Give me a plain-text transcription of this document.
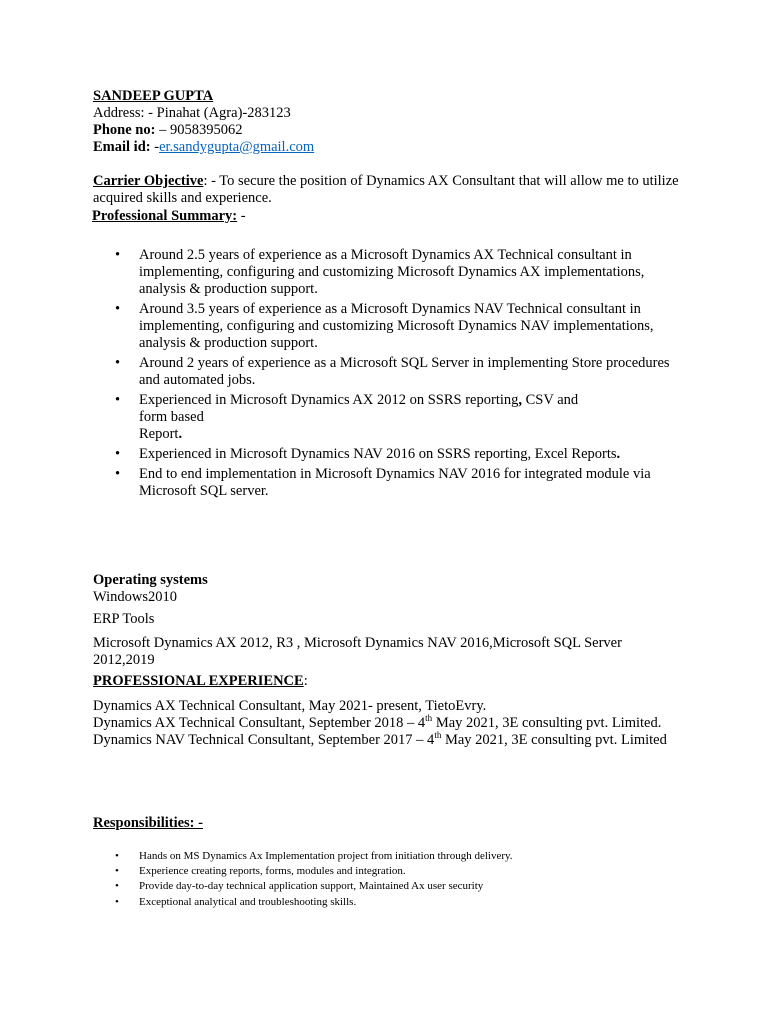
SANDEEP GUPTA

Address: - Pinahat (Agra)-283123

Phone no: – 9058395062

Email id: -er.sandygupta@gmail.com

Carrier Objective: - To secure the position of Dynamics AX Consultant that will allow me to utilize acquired skills and experience.

Professional Summary: -

• Around 2.5 years of experience as a Microsoft Dynamics AX Technical consultant in implementing, configuring and customizing Microsoft Dynamics AX implementations, analysis & production support.
• Around 3.5 years of experience as a Microsoft Dynamics NAV Technical consultant in implementing, configuring and customizing Microsoft Dynamics NAV implementations, analysis & production support.
• Around 2 years of experience as a Microsoft SQL Server in implementing Store procedures and automated jobs.
• Experienced in Microsoft Dynamics AX 2012 on SSRS reporting, CSV and form based
Report.
• Experienced in Microsoft Dynamics NAV 2016 on SSRS reporting, Excel Reports.
• End to end implementation in Microsoft Dynamics NAV 2016 for integrated module via Microsoft SQL server.

Operating systems

Windows2010

ERP Tools

Microsoft Dynamics AX 2012, R3 , Microsoft Dynamics NAV 2016,Microsoft SQL Server 2012,2019

PROFESSIONAL EXPERIENCE:

Dynamics AX Technical Consultant, May 2021- present, TietoEvry.

Dynamics AX Technical Consultant, September 2018 – 4th May 2021, 3E consulting pvt. Limited.

Dynamics NAV Technical Consultant, September 2017 – 4th May 2021, 3E consulting pvt. Limited

Responsibilities: -

• Hands on MS Dynamics Ax Implementation project from initiation through delivery.
• Experience creating reports, forms, modules and integration.
• Provide day-to-day technical application support, Maintained Ax user security
• Exceptional analytical and troubleshooting skills.
